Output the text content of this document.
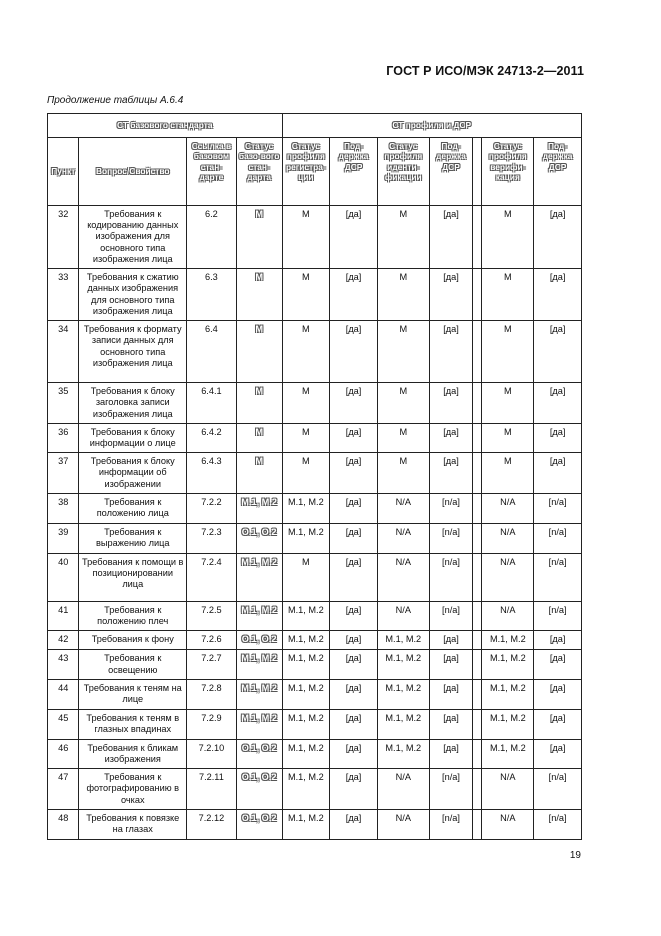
ГОСТ Р ИСО/МЭК 24713-2—2011
Продолжение таблицы А.6.4
СТ базового стандарта				СТ профиля и ДСР						
Пункт	Вопрос/Свойство	Ссылка в базовом стан-дарте	Статус базо-вого стан-дарта	Статус профиля регистра-ции	Под-держка ДСР	Статус профиля иденти-фикации	Под-держка ДСР		Статус профиля верифи-кация	Под-держка ДСР
32	Требования к кодированию данных изображения для основного типа изображения лица	6.2	M	M	[да]	M	[да]		M	[да]
33	Требования к сжатию данных изображения для основного типа изображения лица	6.3	M	M	[да]	M	[да]		M	[да]
34	Требования к формату записи данных для основного типа изображения лица	6.4	M	M	[да]	M	[да]		M	[да]
35	Требования к блоку заголовка записи изображения лица	6.4.1	M	M	[да]	M	[да]		M	[да]
36	Требования к блоку информации о лице	6.4.2	M	M	[да]	M	[да]		M	[да]
37	Требования к блоку информации об изображении	6.4.3	M	M	[да]	M	[да]		M	[да]
38	Требования к положению лица	7.2.2	M.1, M.2	M.1, M.2	[да]	N/A	[n/a]		N/A	[n/a]
39	Требования к выражению лица	7.2.3	O.1, O.2	M.1, M.2	[да]	N/A	[n/a]		N/A	[n/a]
40	Требования к помощи в позиционировании лица	7.2.4	M.1, M.2	M	[да]	N/A	[n/a]		N/A	[n/a]
41	Требования к положению плеч	7.2.5	M.1, M.2	M.1, M.2	[да]	N/A	[n/a]		N/A	[n/a]
42	Требования к фону	7.2.6	O.1, O.2	M.1, M.2	[да]	M.1, M.2	[да]		M.1, M.2	[да]
43	Требования к освещению	7.2.7	M.1, M.2	M.1, M.2	[да]	M.1, M.2	[да]		M.1, M.2	[да]
44	Требования к теням на лице	7.2.8	M.1, M.2	M.1, M.2	[да]	M.1, M.2	[да]		M.1, M.2	[да]
45	Требования к теням в глазных впадинах	7.2.9	M.1, M.2	M.1, M.2	[да]	M.1, M.2	[да]		M.1, M.2	[да]
46	Требования к бликам изображения	7.2.10	O.1, O.2	M.1, M.2	[да]	M.1, M.2	[да]		M.1, M.2	[да]
47	Требования к фотографированию в очках	7.2.11	O.1, O.2	M.1, M.2	[да]	N/A	[n/a]		N/A	[n/a]
48	Требования к повязке на глазах	7.2.12	O.1, O.2	M.1, M.2	[да]	N/A	[n/a]		N/A	[n/a]
19
